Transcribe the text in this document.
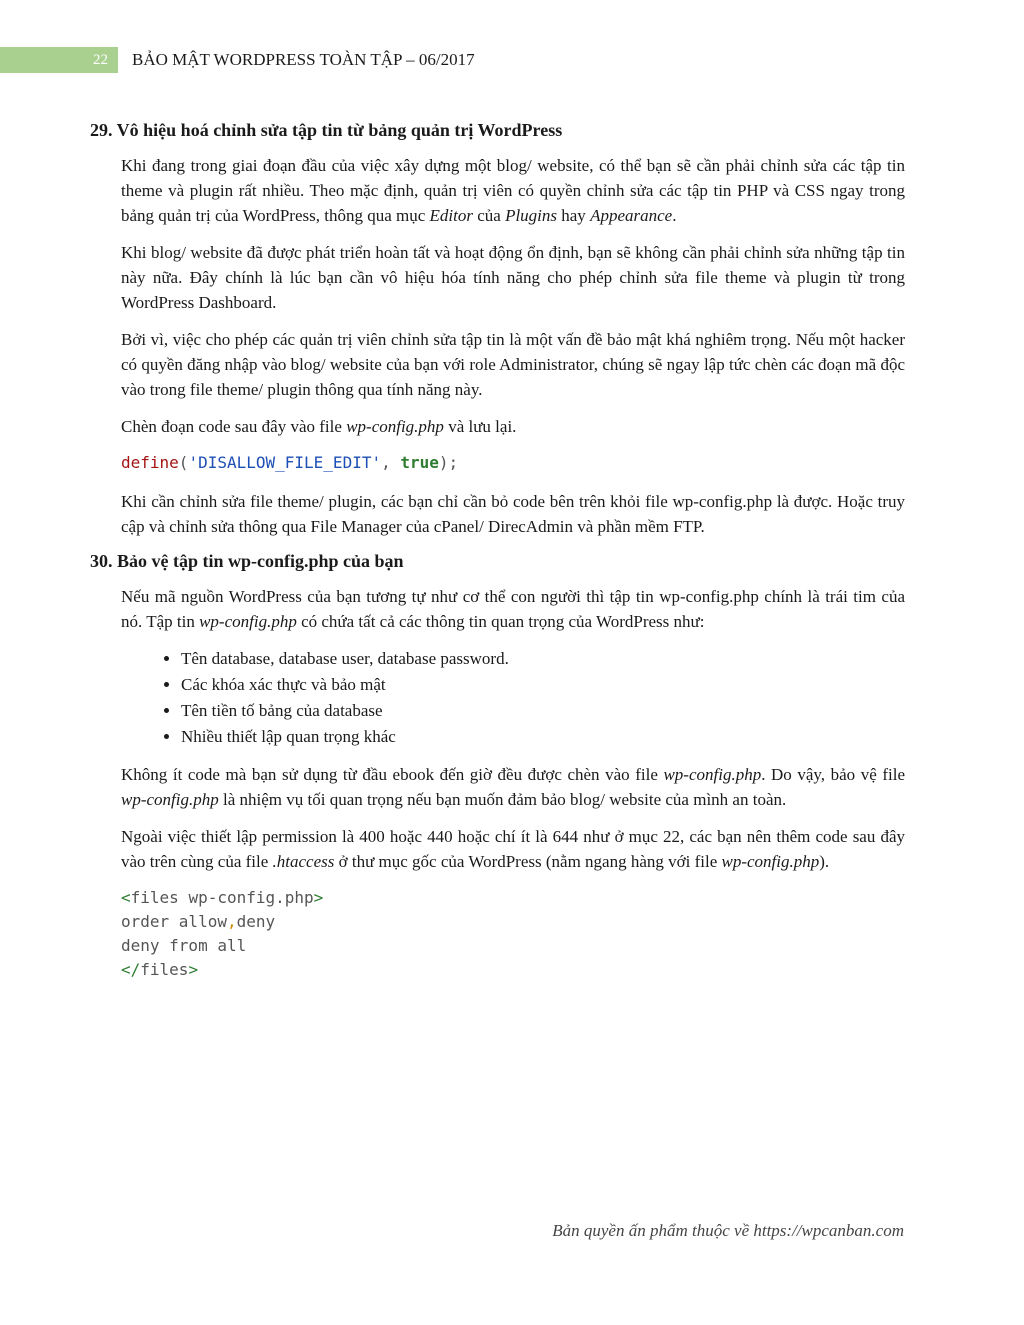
22	BẢO MẬT WORDPRESS TOÀN TẬP – 06/2017
29. Vô hiệu hoá chỉnh sửa tập tin từ bảng quản trị WordPress

Khi đang trong giai đoạn đầu của việc xây dựng một blog/ website, có thể bạn sẽ cần phải chỉnh sửa các tập tin theme và plugin rất nhiều. Theo mặc định, quản trị viên có quyền chỉnh sửa các tập tin PHP và CSS ngay trong bảng quản trị của WordPress, thông qua mục Editor của Plugins hay Appearance.

Khi blog/ website đã được phát triển hoàn tất và hoạt động ổn định, bạn sẽ không cần phải chỉnh sửa những tập tin này nữa. Đây chính là lúc bạn cần vô hiệu hóa tính năng cho phép chỉnh sửa file theme và plugin từ trong WordPress Dashboard.

Bởi vì, việc cho phép các quản trị viên chỉnh sửa tập tin là một vấn đề bảo mật khá nghiêm trọng. Nếu một hacker có quyền đăng nhập vào blog/ website của bạn với role Administrator, chúng sẽ ngay lập tức chèn các đoạn mã độc vào trong file theme/ plugin thông qua tính năng này.

Chèn đoạn code sau đây vào file wp-config.php và lưu lại.

define('DISALLOW_FILE_EDIT', true);

Khi cần chỉnh sửa file theme/ plugin, các bạn chỉ cần bỏ code bên trên khỏi file wp-config.php là được. Hoặc truy cập và chỉnh sửa thông qua File Manager của cPanel/ DirecAdmin và phần mềm FTP.

30. Bảo vệ tập tin wp-config.php của bạn

Nếu mã nguồn WordPress của bạn tương tự như cơ thể con người thì tập tin wp-config.php chính là trái tim của nó. Tập tin wp-config.php có chứa tất cả các thông tin quan trọng của WordPress như:

• Tên database, database user, database password.
• Các khóa xác thực và bảo mật
• Tên tiền tố bảng của database
• Nhiều thiết lập quan trọng khác

Không ít code mà bạn sử dụng từ đầu ebook đến giờ đều được chèn vào file wp-config.php. Do vậy, bảo vệ file wp-config.php là nhiệm vụ tối quan trọng nếu bạn muốn đảm bảo blog/ website của mình an toàn.

Ngoài việc thiết lập permission là 400 hoặc 440 hoặc chí ít là 644 như ở mục 22, các bạn nên thêm code sau đây vào trên cùng của file .htaccess ở thư mục gốc của WordPress (nằm ngang hàng với file wp-config.php).

<files wp-config.php>
order allow,deny
deny from all
</files>
Bản quyền ấn phẩm thuộc về https://wpcanban.com
